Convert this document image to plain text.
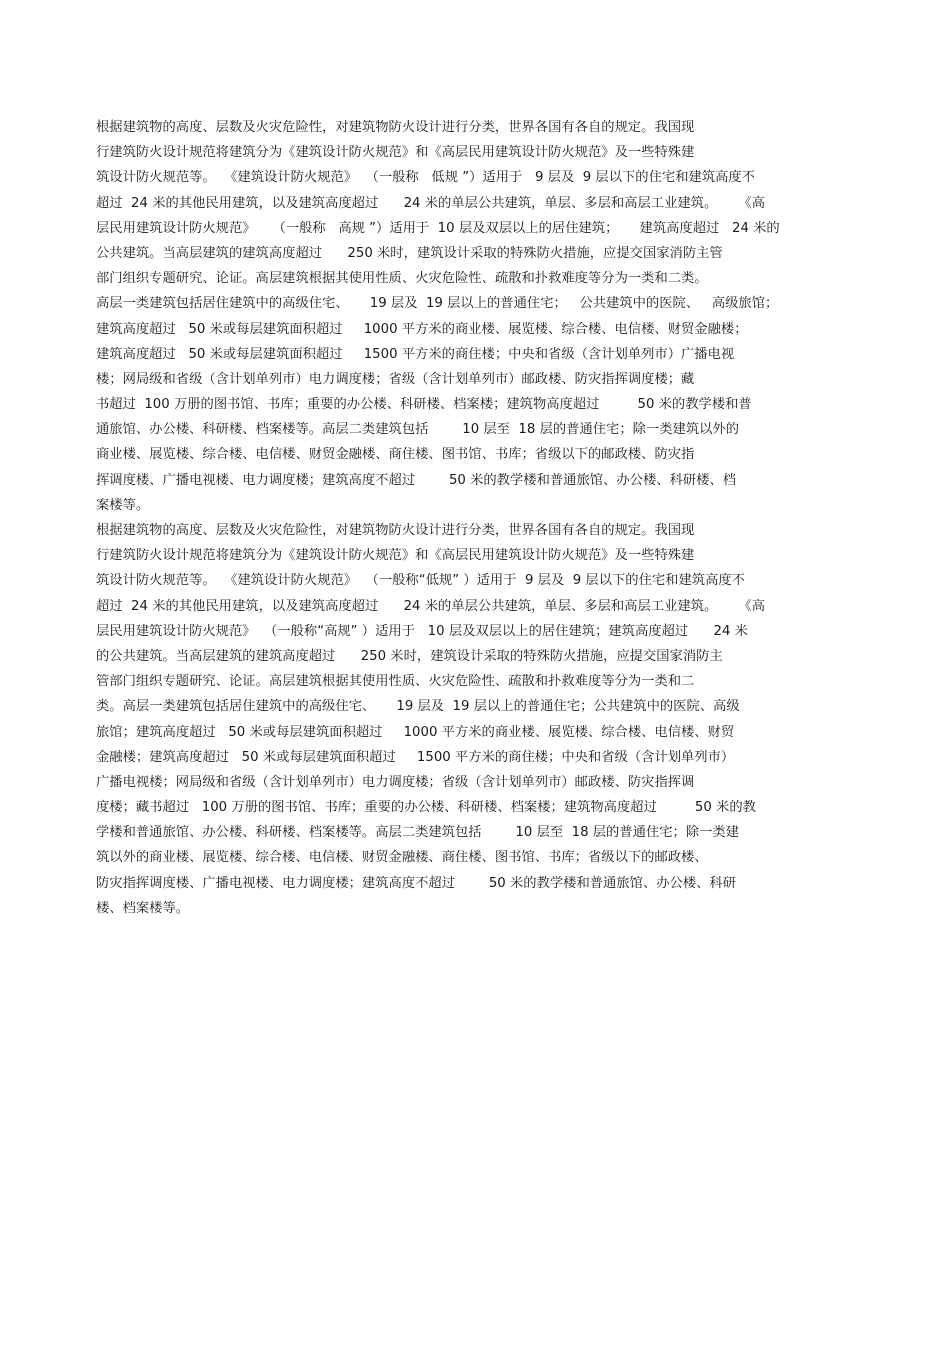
根据建筑物的高度、层数及火灾危险性，对建筑物防火设计进行分类，世界各国有各自的规定。我国现
行建筑防火设计规范将建筑分为《建筑设计防火规范》和《高层民用建筑设计防火规范》及一些特殊建
筑设计防火规范等。  《建筑设计防火规范》  （一般称   低规 ”）适用于   9 层及  9 层以下的住宅和建筑高度不
超过  24 米的其他民用建筑，以及建筑高度超过      24 米的单层公共建筑，单层、多层和高层工业建筑。     《高
层民用建筑设计防火规范》    （一般称   高规 ”）适用于  10 层及双层以上的居住建筑；     建筑高度超过   24 米的
公共建筑。当高层建筑的建筑高度超过      250 米时，建筑设计采取的特殊防火措施，应提交国家消防主管
部门组织专题研究、论证。高层建筑根据其使用性质、火灾危险性、疏散和扑救难度等分为一类和二类。
高层一类建筑包括居住建筑中的高级住宅、     19 层及  19 层以上的普通住宅；   公共建筑中的医院、   高级旅馆；
建筑高度超过   50 米或每层建筑面积超过     1000 平方米的商业楼、展览楼、综合楼、电信楼、财贸金融楼；
建筑高度超过   50 米或每层建筑面积超过     1500 平方米的商住楼；中央和省级（含计划单列市）广播电视
楼；网局级和省级（含计划单列市）电力调度楼；省级（含计划单列市）邮政楼、防灾指挥调度楼；藏
书超过  100 万册的图书馆、书库；重要的办公楼、科研楼、档案楼；建筑物高度超过         50 米的教学楼和普
通旅馆、办公楼、科研楼、档案楼等。高层二类建筑包括        10 层至  18 层的普通住宅；除一类建筑以外的
商业楼、展览楼、综合楼、电信楼、财贸金融楼、商住楼、图书馆、书库；省级以下的邮政楼、防灾指
挥调度楼、广播电视楼、电力调度楼；建筑高度不超过        50 米的教学楼和普通旅馆、办公楼、科研楼、档
案楼等。
根据建筑物的高度、层数及火灾危险性，对建筑物防火设计进行分类，世界各国有各自的规定。我国现
行建筑防火设计规范将建筑分为《建筑设计防火规范》和《高层民用建筑设计防火规范》及一些特殊建
筑设计防火规范等。  《建筑设计防火规范》  （一般称“低规” ）适用于  9 层及  9 层以下的住宅和建筑高度不
超过  24 米的其他民用建筑，以及建筑高度超过      24 米的单层公共建筑，单层、多层和高层工业建筑。     《高
层民用建筑设计防火规范》  （一般称“高规” ）适用于   10 层及双层以上的居住建筑；建筑高度超过      24 米
的公共建筑。当高层建筑的建筑高度超过      250 米时，建筑设计采取的特殊防火措施，应提交国家消防主
管部门组织专题研究、论证。高层建筑根据其使用性质、火灾危险性、疏散和扑救难度等分为一类和二
类。高层一类建筑包括居住建筑中的高级住宅、     19 层及  19 层以上的普通住宅；公共建筑中的医院、高级
旅馆；建筑高度超过   50 米或每层建筑面积超过     1000 平方米的商业楼、展览楼、综合楼、电信楼、财贸
金融楼；建筑高度超过   50 米或每层建筑面积超过     1500 平方米的商住楼；中央和省级（含计划单列市）
广播电视楼；网局级和省级（含计划单列市）电力调度楼；省级（含计划单列市）邮政楼、防灾指挥调
度楼；藏书超过   100 万册的图书馆、书库；重要的办公楼、科研楼、档案楼；建筑物高度超过         50 米的教
学楼和普通旅馆、办公楼、科研楼、档案楼等。高层二类建筑包括        10 层至  18 层的普通住宅；除一类建
筑以外的商业楼、展览楼、综合楼、电信楼、财贸金融楼、商住楼、图书馆、书库；省级以下的邮政楼、
防灾指挥调度楼、广播电视楼、电力调度楼；建筑高度不超过        50 米的教学楼和普通旅馆、办公楼、科研
楼、档案楼等。
